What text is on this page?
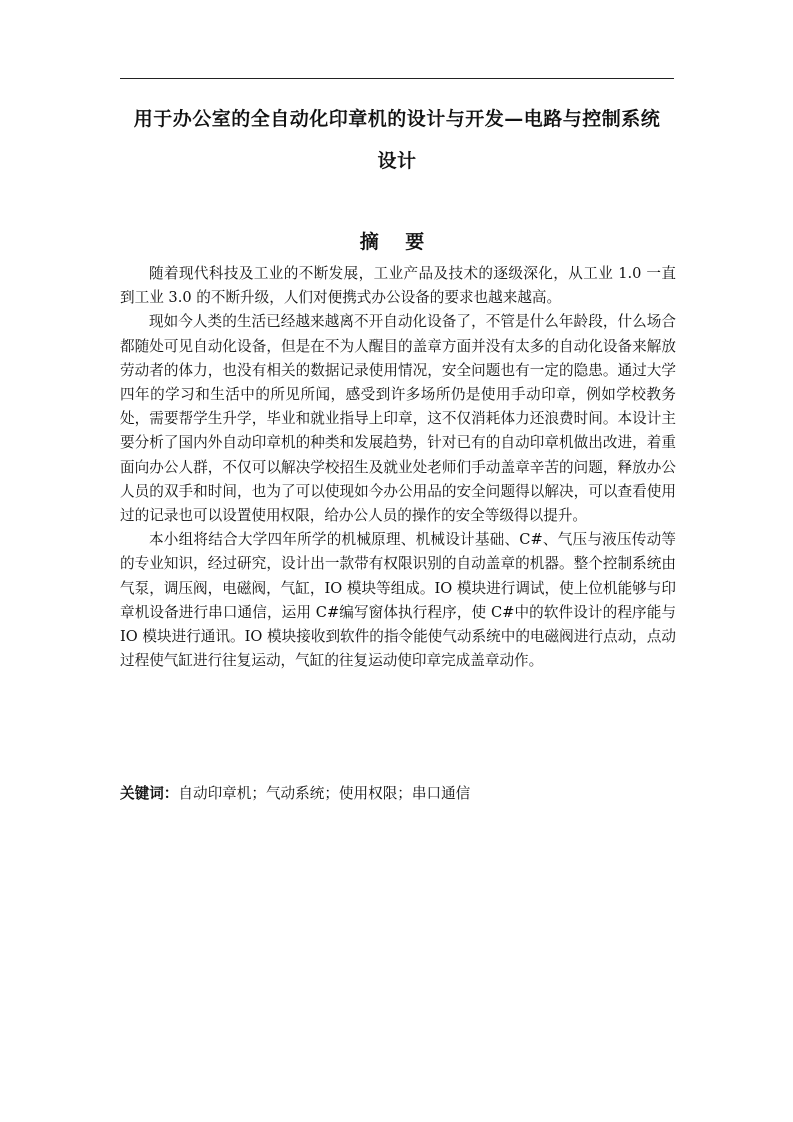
用于办公室的全自动化印章机的设计与开发—电路与控制系统
设计
摘 要

随着现代科技及工业的不断发展，工业产品及技术的逐级深化，从工业 1.0 一直到工业 3.0 的不断升级，人们对便携式办公设备的要求也越来越高。

现如今人类的生活已经越来越离不开自动化设备了，不管是什么年龄段，什么场合都随处可见自动化设备，但是在不为人醒目的盖章方面并没有太多的自动化设备来解放劳动者的体力，也没有相关的数据记录使用情况，安全问题也有一定的隐患。通过大学四年的学习和生活中的所见所闻，感受到许多场所仍是使用手动印章，例如学校教务处，需要帮学生升学，毕业和就业指导上印章，这不仅消耗体力还浪费时间。本设计主要分析了国内外自动印章机的种类和发展趋势，针对已有的自动印章机做出改进，着重面向办公人群，不仅可以解决学校招生及就业处老师们手动盖章辛苦的问题，释放办公人员的双手和时间，也为了可以使现如今办公用品的安全问题得以解决，可以查看使用过的记录也可以设置使用权限，给办公人员的操作的安全等级得以提升。

本小组将结合大学四年所学的机械原理、机械设计基础、C#、气压与液压传动等的专业知识，经过研究，设计出一款带有权限识别的自动盖章的机器。整个控制系统由气泵，调压阀，电磁阀，气缸，IO 模块等组成。IO 模块进行调试，使上位机能够与印章机设备进行串口通信，运用 C#编写窗体执行程序，使 C#中的软件设计的程序能与 IO 模块进行通讯。IO 模块接收到软件的指令能使气动系统中的电磁阀进行点动，点动过程使气缸进行往复运动，气缸的往复运动使印章完成盖章动作。

关键词：自动印章机；气动系统；使用权限；串口通信
